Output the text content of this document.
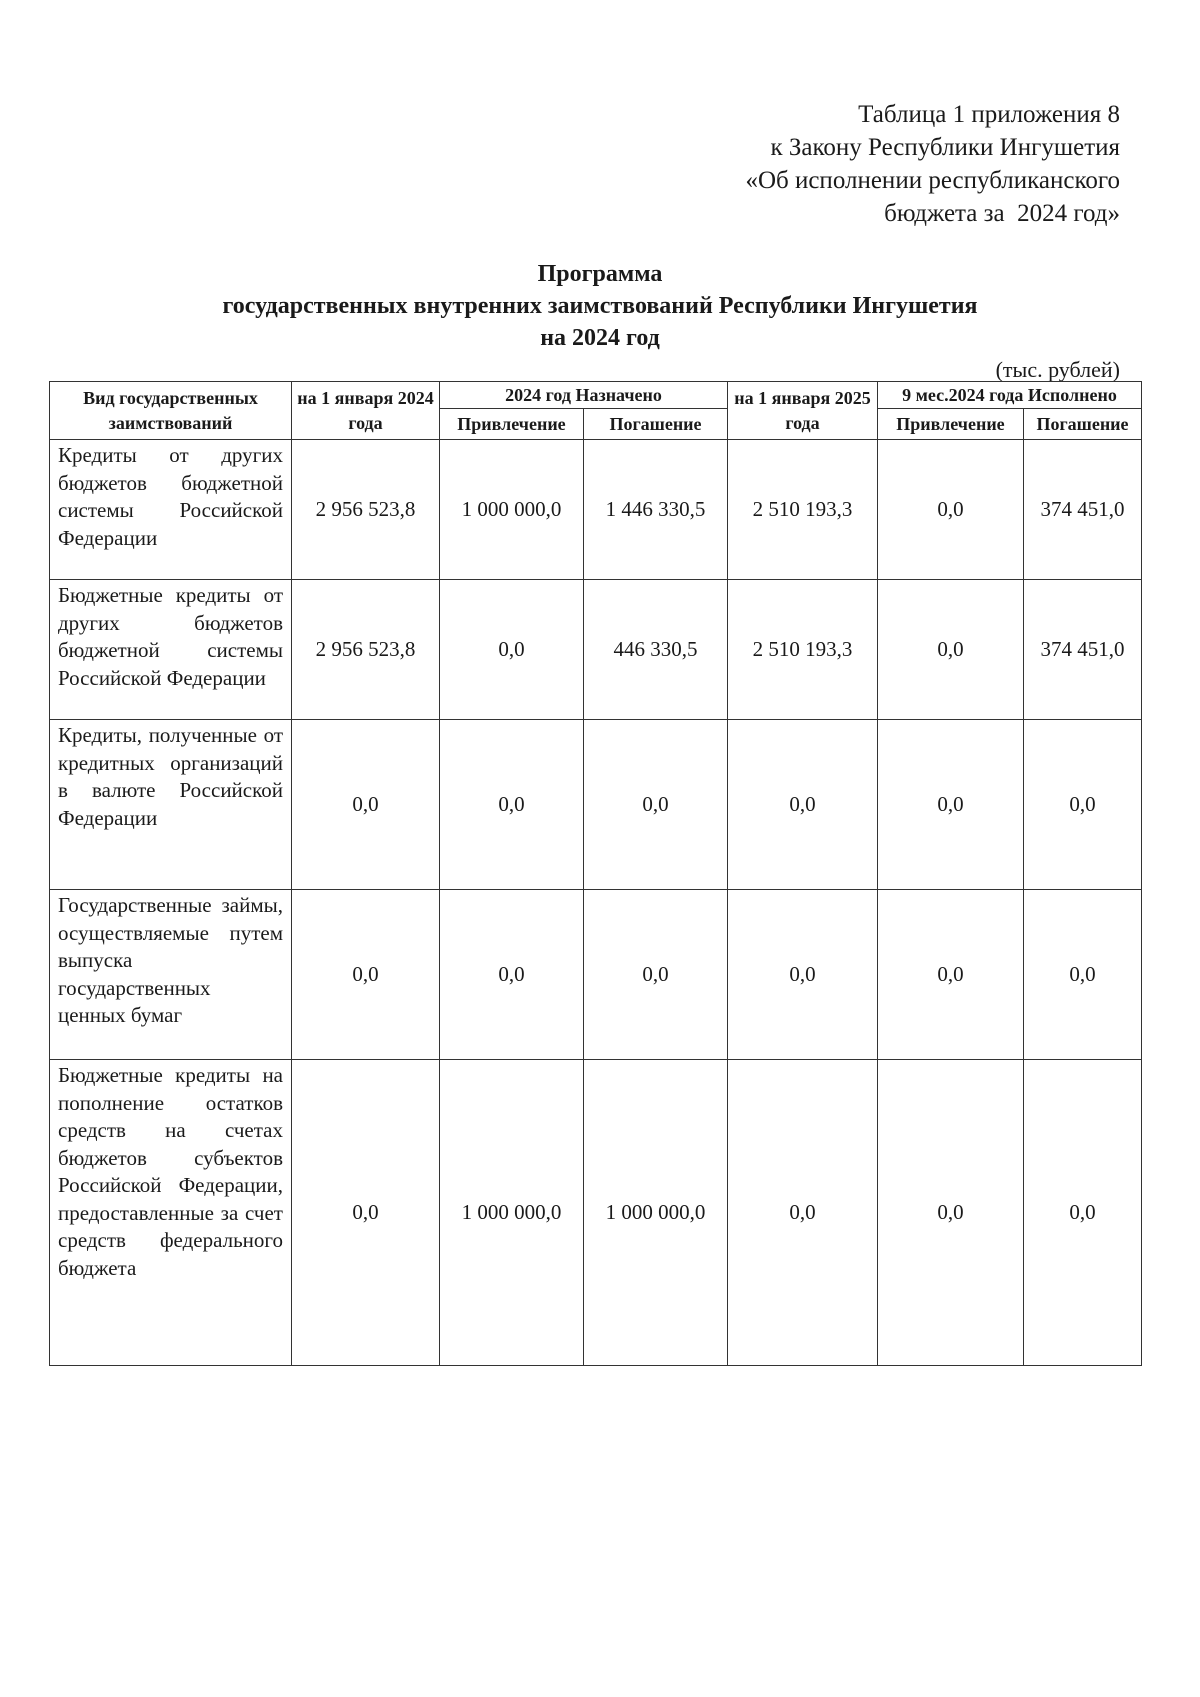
Таблица 1 приложения 8
к Закону Республики Ингушетия
«Об исполнении республиканского
бюджета за  2024 год»
Программа
государственных внутренних заимствований Республики Ингушетия
на 2024 год
(тыс. рублей)
Вид государственных заимствований	на 1 января 2024 года	2024 год Назначено		на 1 января 2025 года	9 мес.2024 года Исполнено	
		Привлечение	Погашение		Привлечение	Погашение
Кредиты от других бюджетов бюджетной системы Российской Федерации	2 956 523,8	1 000 000,0	1 446 330,5	2 510 193,3	0,0	374 451,0
Бюджетные кредиты от других бюджетов бюджетной системы Российской Федерации	2 956 523,8	0,0	446 330,5	2 510 193,3	0,0	374 451,0
Кредиты, полученные от кредитных организаций в валюте Российской Федерации	0,0	0,0	0,0	0,0	0,0	0,0
Государственные займы, осуществляемые путем выпуска государственных ценных бумаг	0,0	0,0	0,0	0,0	0,0	0,0
Бюджетные кредиты на пополнение остатков средств на счетах бюджетов субъектов Российской Федерации, предоставленные за счет средств федерального бюджета	0,0	1 000 000,0	1 000 000,0	0,0	0,0	0,0
